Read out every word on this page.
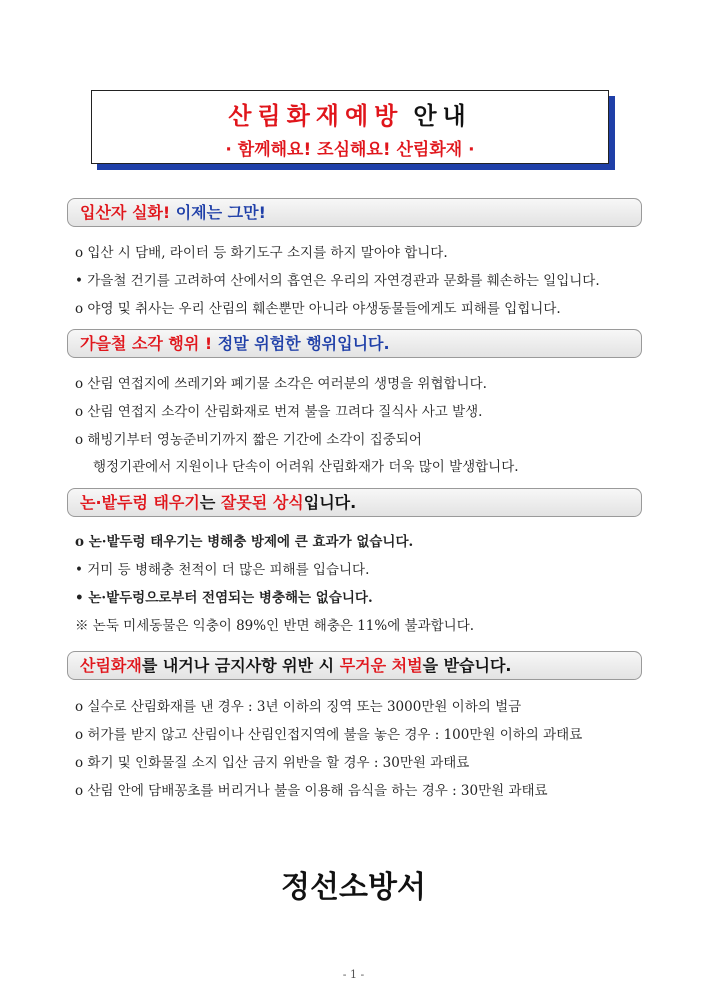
산림화재예방 안내
· 함께해요! 조심해요! 산림화재 ·
입산자 실화! 이제는 그만!
o 입산 시 담배, 라이터 등 화기도구 소지를 하지 말아야 합니다.
• 가을철 건기를 고려하여 산에서의 흡연은 우리의 자연경관과 문화를 훼손하는 일입니다.
o 야영 및 취사는 우리 산림의 훼손뿐만 아니라 야생동물들에게도 피해를 입힙니다.
가을철 소각 행위 ! 정말 위험한 행위입니다.
o 산림 연접지에 쓰레기와 폐기물 소각은 여러분의 생명을 위협합니다.
o 산림 연접지 소각이 산림화재로 번져 불을 끄려다 질식사 사고 발생.
o 해빙기부터 영농준비기까지 짧은 기간에 소각이 집중되어
행정기관에서 지원이나 단속이 어려워 산림화재가 더욱 많이 발생합니다.
논·밭두렁 태우기는 잘못된 상식입니다.
o 논·밭두렁 태우기는 병해충 방제에 큰 효과가 없습니다.
• 거미 등 병해충 천적이 더 많은 피해를 입습니다.
• 논·밭두렁으로부터 전염되는 병충해는 없습니다.
※ 논둑 미세동물은 익충이 89%인 반면 해충은 11%에 불과합니다.
산림화재를 내거나 금지사항 위반 시 무거운 처벌을 받습니다.
o 실수로 산림화재를 낸 경우 : 3년 이하의 징역 또는 3000만원 이하의 벌금
o 허가를 받지 않고 산림이나 산림인접지역에 불을 놓은 경우 : 100만원 이하의 과태료
o 화기 및 인화물질 소지 입산 금지 위반을 할 경우 : 30만원 과태료
o 산림 안에 담배꽁초를 버리거나 불을 이용해 음식을 하는 경우 : 30만원 과태료
정선소방서
- 1 -
